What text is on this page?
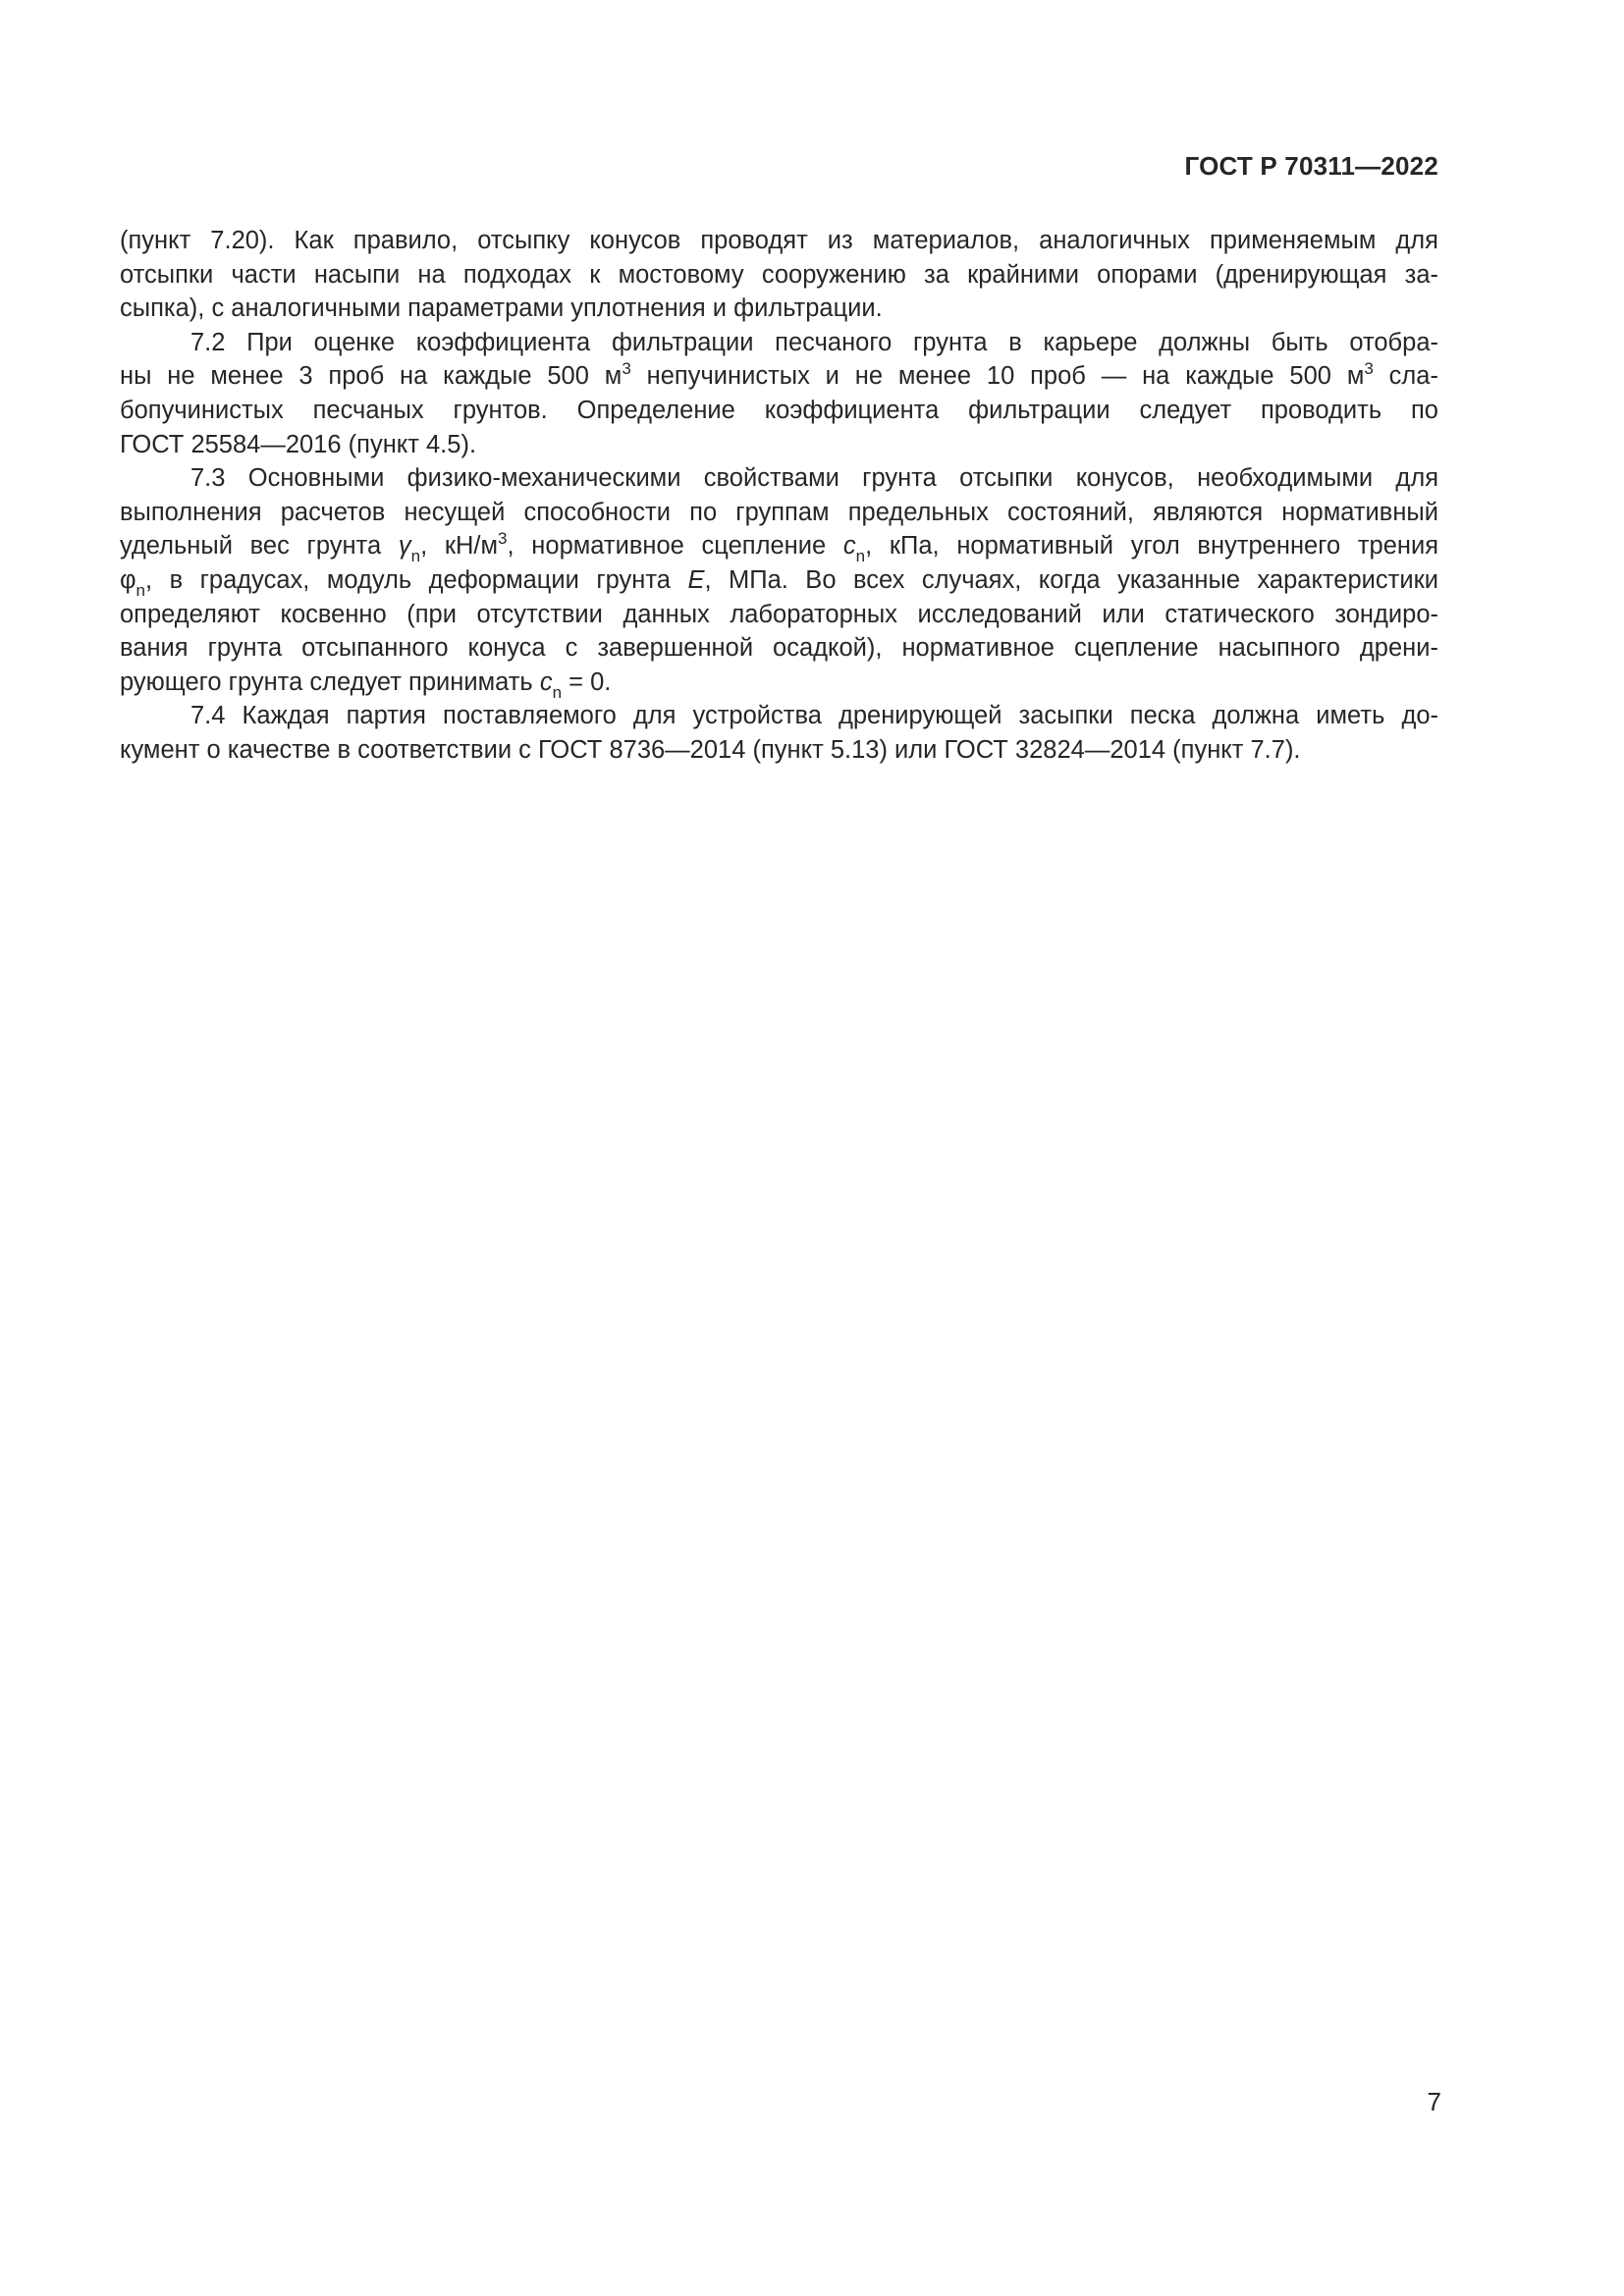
ГОСТ Р 70311—2022
(пункт 7.20). Как правило, отсыпку конусов проводят из материалов, аналогичных применяемым для
отсыпки части насыпи на подходах к мостовому сооружению за крайними опорами (дренирующая за-
сыпка), с аналогичными параметрами уплотнения и фильтрации.
7.2 При оценке коэффициента фильтрации песчаного грунта в карьере должны быть отобра-
ны не менее 3 проб на каждые 500 $м^3$ непучинистых и не менее 10 проб — на каждые 500 $м^3$ сла-
бопучинистых песчаных грунтов. Определение коэффициента фильтрации следует проводить по
ГОСТ 25584—2016 (пункт 4.5).
7.3 Основными физико-механическими свойствами грунта отсыпки конусов, необходимыми для
выполнения расчетов несущей способности по группам предельных состояний, являются нормативный
удельный вес грунта $\gamma_n$, $кН/м^3$, нормативное сцепление $c_n$, кПа, нормативный угол внутреннего трения
$\varphi_n$, в градусах, модуль деформации грунта E, МПа. Во всех случаях, когда указанные характеристики
определяют косвенно (при отсутствии данных лабораторных исследований или статического зондиро-
вания грунта отсыпанного конуса с завершенной осадкой), нормативное сцепление насыпного дрени-
рующего грунта следует принимать $c_n = 0$.
7.4 Каждая партия поставляемого для устройства дренирующей засыпки песка должна иметь до-
кумент о качестве в соответствии с ГОСТ 8736—2014 (пункт 5.13) или ГОСТ 32824—2014 (пункт 7.7).
7
